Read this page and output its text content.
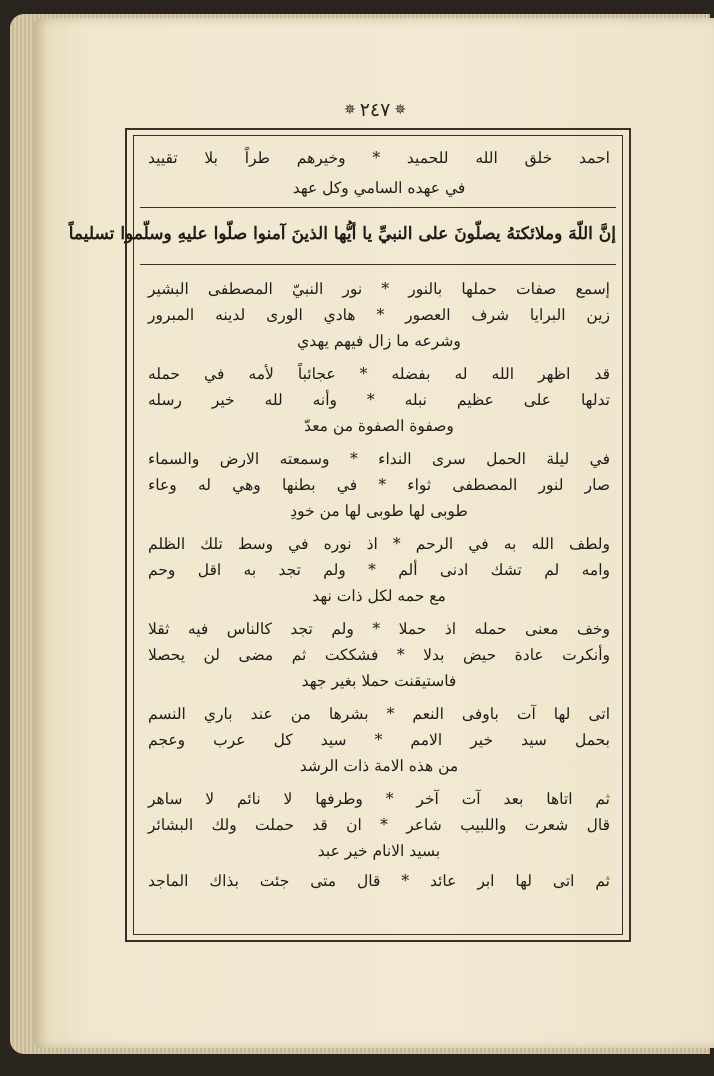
✵
٢٤٧
✵
احمد خلق الله للحميد * وخيرهم طراً بلا تقييد
في عهده السامي وكل عهد
إنَّ اللّهَ وملائكتهُ يصلّونَ على النبيِّ يا أيُّها الذينَ آمنوا صلّوا عليهِ وسلّموا تسليماً
إسمع صفات حملها بالنور * نور النبيّ المصطفى البشير
زين البرايا شرف العصور * هادي الورى لدينه المبرور
وشرعه ما زال فيهم يهدي
قد اظهر الله له بفضله * عجائباً لأمه في حمله
تدلها على عظيم نبله * وأنه لله خير رسله
وصفوة الصفوة من معدّ
في ليلة الحمل سرى النداء * وسمعته الارض والسماء
صار لنور المصطفى ثواء * في بطنها وهي له وعاء
طوبى لها طوبى لها من خودِ
ولطف الله به في الرحم * اذ نوره في وسط تلك الظلم
وامه لم تشك ادنى ألم * ولم تجد به اقل وحم
مع حمه لكل ذات نهد
وخف معنى حمله اذ حملا * ولم تجد كالناس فيه ثقلا
وأنكرت عادة حيض بدلا * فشككت ثم مضى لن يحصلا
فاستيقنت حملا بغير جهد
اتى لها آت باوفى النعم * بشرها من عند باري النسم
بحمل سيد خير الامم * سيد كل عرب وعجم
من هذه الامة ذات الرشد
ثم اتاها بعد آت آخر * وطرفها لا نائم لا ساهر
قال شعرت واللبيب شاعر * ان قد حملت ولك البشائر
بسيد الانام خير عبد
ثم اتى لها ابر عائد * قال متى جئت بذاك الماجد
